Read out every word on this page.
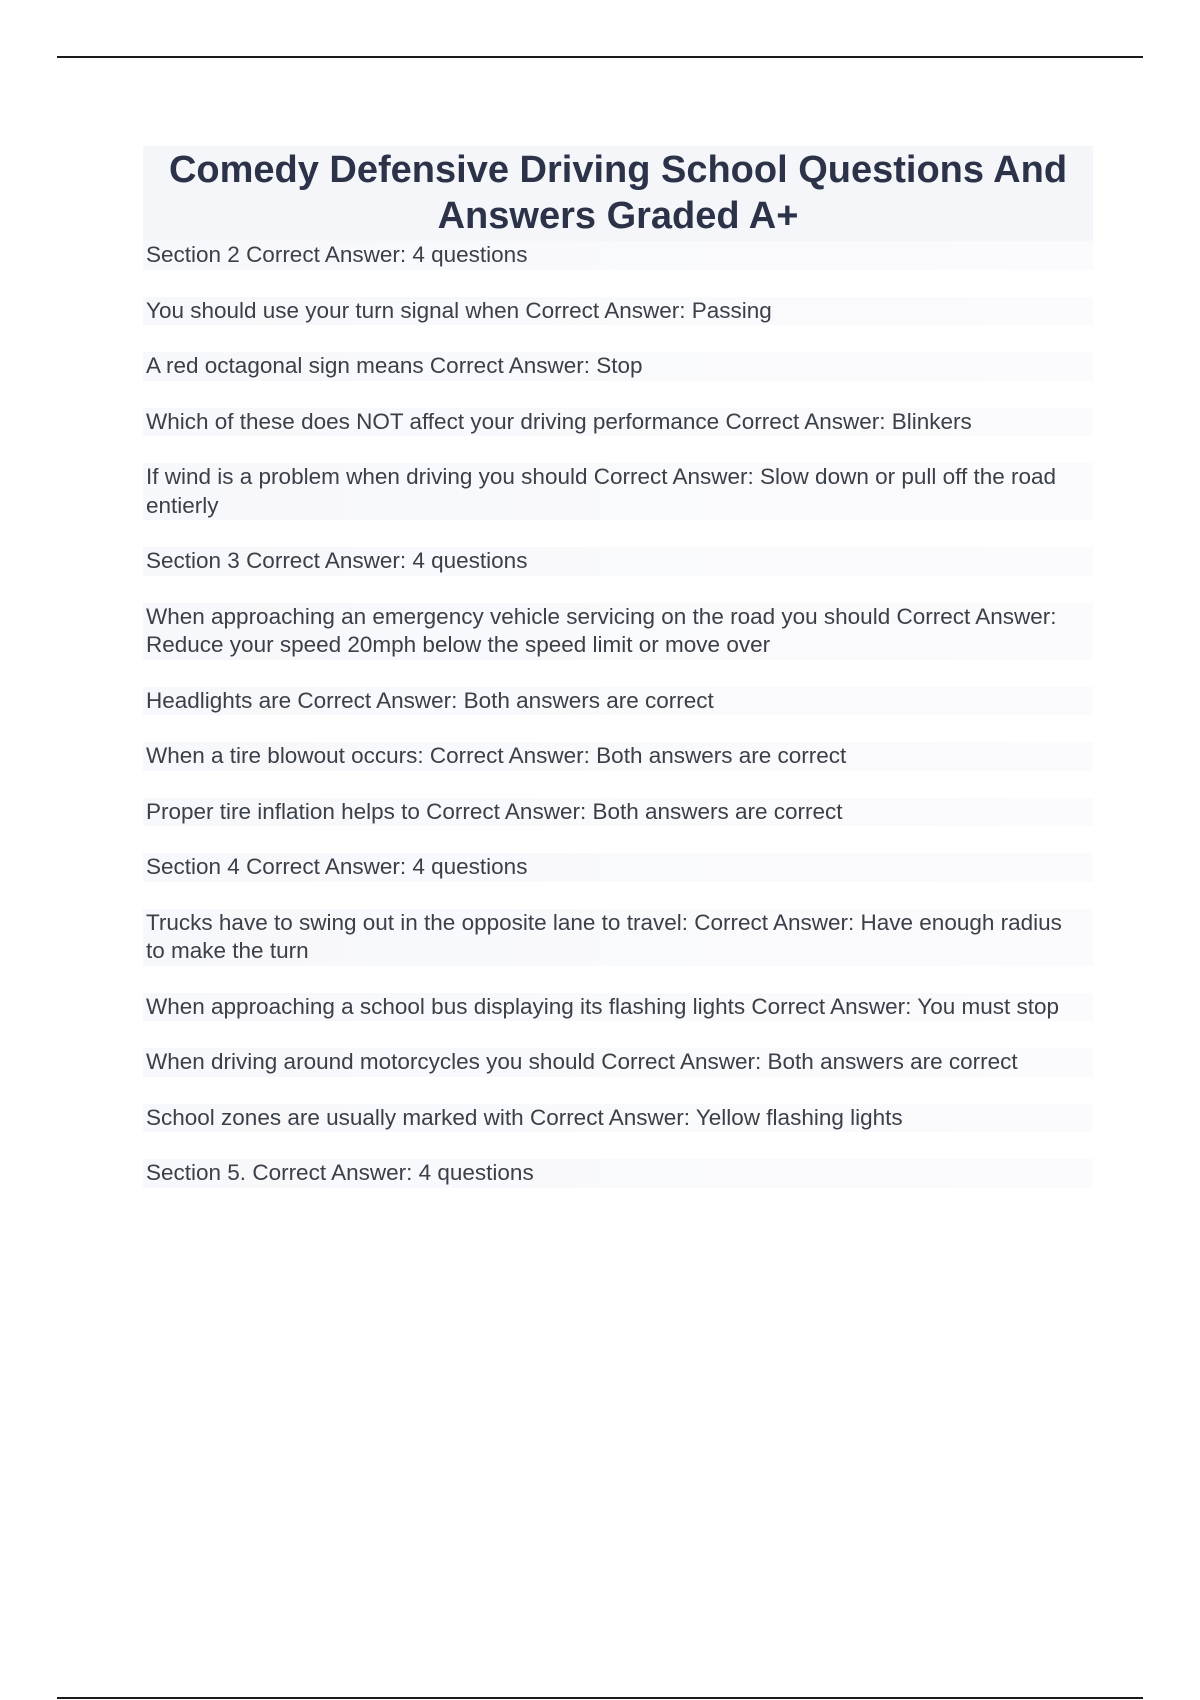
Comedy Defensive Driving School Questions And Answers Graded A+
Section 2 Correct Answer: 4 questions
You should use your turn signal when Correct Answer: Passing
A red octagonal sign means Correct Answer: Stop
Which of these does NOT affect your driving performance Correct Answer: Blinkers
If wind is a problem when driving you should Correct Answer: Slow down or pull off the road entierly
Section 3 Correct Answer: 4 questions
When approaching an emergency vehicle servicing on the road you should Correct Answer: Reduce your speed 20mph below the speed limit or move over
Headlights are Correct Answer: Both answers are correct
When a tire blowout occurs: Correct Answer: Both answers are correct
Proper tire inflation helps to Correct Answer: Both answers are correct
Section 4 Correct Answer: 4 questions
Trucks have to swing out in the opposite lane to travel: Correct Answer: Have enough radius to make the turn
When approaching a school bus displaying its flashing lights Correct Answer: You must stop
When driving around motorcycles you should Correct Answer: Both answers are correct
School zones are usually marked with Correct Answer: Yellow flashing lights
Section 5. Correct Answer: 4 questions
